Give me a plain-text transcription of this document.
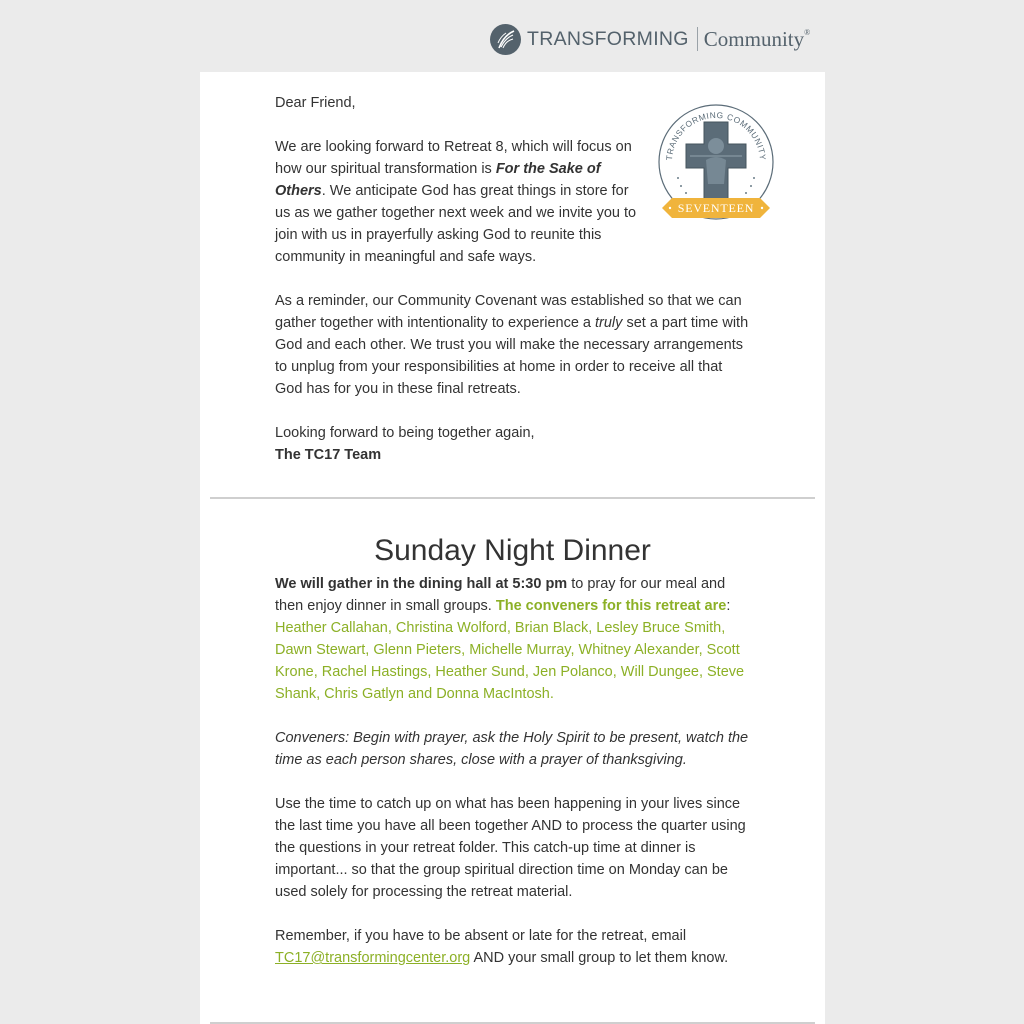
TRANSFORMING Community®
TRANSFORMING COMMUNITY
SEVENTEEN

Dear Friend,

We are looking forward to Retreat 8, which will focus on how our spiritual transformation is For the Sake of Others. We anticipate God has great things in store for us as we gather together next week and we invite you to join with us in prayerfully asking God to reunite this community in meaningful and safe ways.

As a reminder, our Community Covenant was established so that we can gather together with intentionality to experience a truly set a part time with God and each other. We trust you will make the necessary arrangements to unplug from your responsibilities at home in order to receive all that God has for you in these final retreats.

Looking forward to being together again,
The TC17 Team

Sunday Night Dinner

We will gather in the dining hall at 5:30 pm to pray for our meal and then enjoy dinner in small groups. The conveners for this retreat are: Heather Callahan, Christina Wolford, Brian Black, Lesley Bruce Smith, Dawn Stewart, Glenn Pieters, Michelle Murray, Whitney Alexander, Scott Krone, Rachel Hastings, Heather Sund, Jen Polanco, Will Dungee, Steve Shank, Chris Gatlyn and Donna MacIntosh.

Conveners: Begin with prayer, ask the Holy Spirit to be present, watch the time as each person shares, close with a prayer of thanksgiving.

Use the time to catch up on what has been happening in your lives since the last time you have all been together AND to process the quarter using the questions in your retreat folder. This catch-up time at dinner is important... so that the group spiritual direction time on Monday can be used solely for processing the retreat material.

Remember, if you have to be absent or late for the retreat, email TC17@transformingcenter.org AND your small group to let them know.
